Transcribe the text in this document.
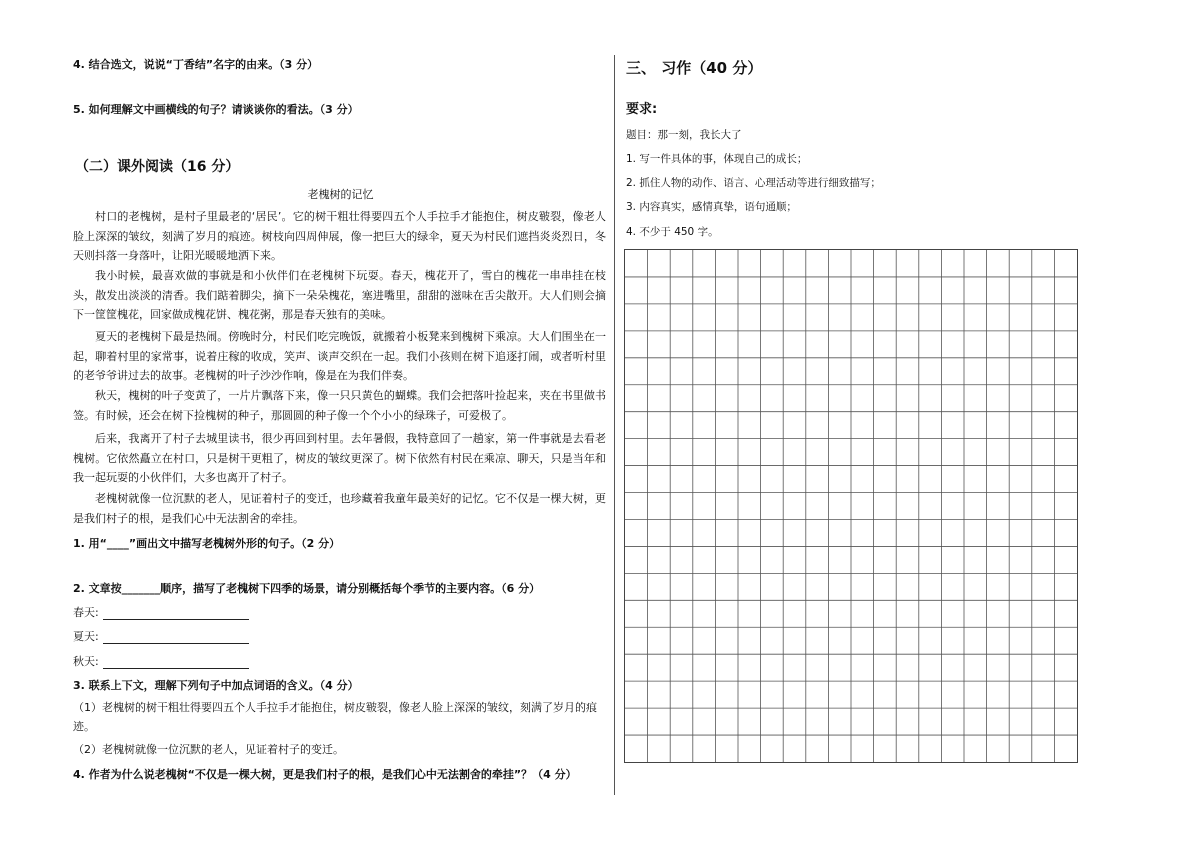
4. 结合选文，说说“丁香结”名字的由来。（3 分）
5. 如何理解文中画横线的句子？请谈谈你的看法。（3 分）
（二）课外阅读（16 分）
老槐树的记忆
村口的老槐树，是村子里最老的‘居民’。它的树干粗壮得要四五个人手拉手才能抱住，树皮皲裂，像老人脸上深深的皱纹，刻满了岁月的痕迹。树枝向四周伸展，像一把巨大的绿伞，夏天为村民们遮挡炎炎烈日，冬天则抖落一身落叶，让阳光暖暖地洒下来。
我小时候，最喜欢做的事就是和小伙伴们在老槐树下玩耍。春天，槐花开了，雪白的槐花一串串挂在枝头，散发出淡淡的清香。我们踮着脚尖，摘下一朵朵槐花，塞进嘴里，甜甜的滋味在舌尖散开。大人们则会摘下一筐筐槐花，回家做成槐花饼、槐花粥，那是春天独有的美味。
夏天的老槐树下最是热闹。傍晚时分，村民们吃完晚饭，就搬着小板凳来到槐树下乘凉。大人们围坐在一起，聊着村里的家常事，说着庄稼的收成，笑声、谈声交织在一起。我们小孩则在树下追逐打闹，或者听村里的老爷爷讲过去的故事。老槐树的叶子沙沙作响，像是在为我们伴奏。
秋天，槐树的叶子变黄了，一片片飘落下来，像一只只黄色的蝴蝶。我们会把落叶捡起来，夹在书里做书签。有时候，还会在树下捡槐树的种子，那圆圆的种子像一个个小小的绿珠子，可爱极了。
后来，我离开了村子去城里读书，很少再回到村里。去年暑假，我特意回了一趟家，第一件事就是去看老槐树。它依然矗立在村口，只是树干更粗了，树皮的皱纹更深了。树下依然有村民在乘凉、聊天，只是当年和我一起玩耍的小伙伴们，大多也离开了村子。
老槐树就像一位沉默的老人，见证着村子的变迁，也珍藏着我童年最美好的记忆。它不仅是一棵大树，更是我们村子的根，是我们心中无法割舍的牵挂。
1. 用“____”画出文中描写老槐树外形的句子。（2 分）
2. 文章按_______顺序，描写了老槐树下四季的场景，请分别概括每个季节的主要内容。（6 分）
春天:
夏天:
秋天:
3. 联系上下文，理解下列句子中加点词语的含义。（4 分）
（1）老槐树的树干粗壮得要四五个人手拉手才能抱住，树皮皲裂，像老人脸上深深的皱纹，刻满了岁月的痕迹。
（2）老槐树就像一位沉默的老人，见证着村子的变迁。
4. 作者为什么说老槐树“不仅是一棵大树，更是我们村子的根，是我们心中无法割舍的牵挂”？（4 分）
三、 习作（40 分）
要求:
题目：那一刻，我长大了
1. 写一件具体的事，体现自己的成长；
2. 抓住人物的动作、语言、心理活动等进行细致描写；
3. 内容真实，感情真挚，语句通顺；
4. 不少于 450 字。
